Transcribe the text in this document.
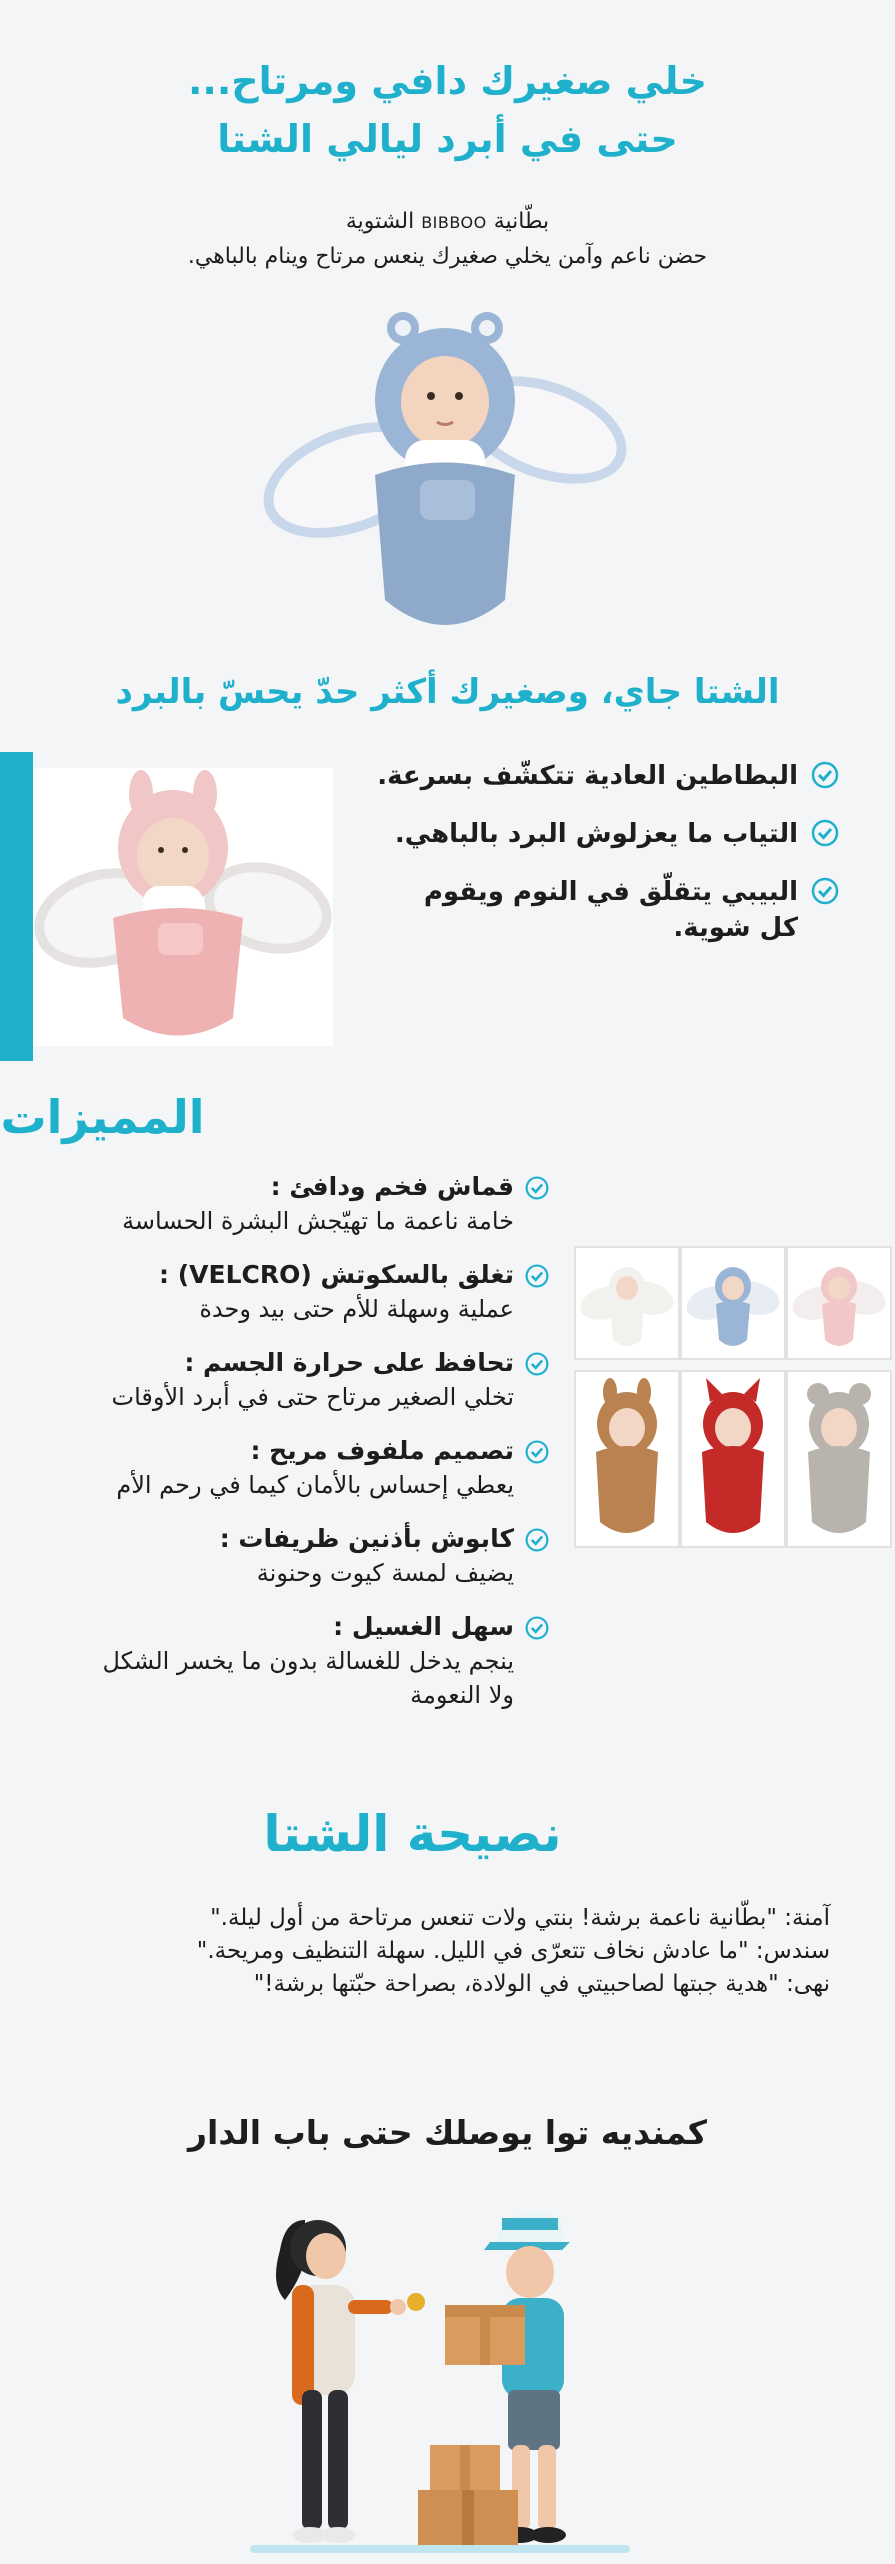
خلي صغيرك دافي ومرتاح...
حتى في أبرد ليالي الشتا
بطّانية BIBBOO الشتوية
حضن ناعم وآمن يخلي صغيرك ينعس مرتاح وينام بالباهي.
الشتا جاي، وصغيرك أكثر حدّ يحسّ بالبرد
البطاطين العادية تتكشّف بسرعة.
التياب ما يعزلوش البرد بالباهي.
البيبي يتقلّق في النوم ويقوم كل شوية.
المميزات
قماش فخم ودافئ :
خامة ناعمة ما تهيّجش البشرة الحساسة
تغلق بالسكوتش (VELCRO) :
عملية وسهلة للأم حتى بيد وحدة
تحافظ على حرارة الجسم :
تخلي الصغير مرتاح حتى في أبرد الأوقات
تصميم ملفوف مريح :
يعطي إحساس بالأمان كيما في رحم الأم
كابوش بأذنين ظريفات :
يضيف لمسة كيوت وحنونة
سهل الغسيل :
ينجم يدخل للغسالة بدون ما يخسر الشكل ولا النعومة
نصيحة الشتا
آمنة: "بطّانية ناعمة برشة! بنتي ولات تنعس مرتاحة من أول ليلة."
سندس: "ما عادش نخاف تتعرّى في الليل. سهلة التنظيف ومريحة."
نهى: "هدية جبتها لصاحبيتي في الولادة، بصراحة حبّتها برشة!"
كمنديه توا يوصلك حتى باب الدار
